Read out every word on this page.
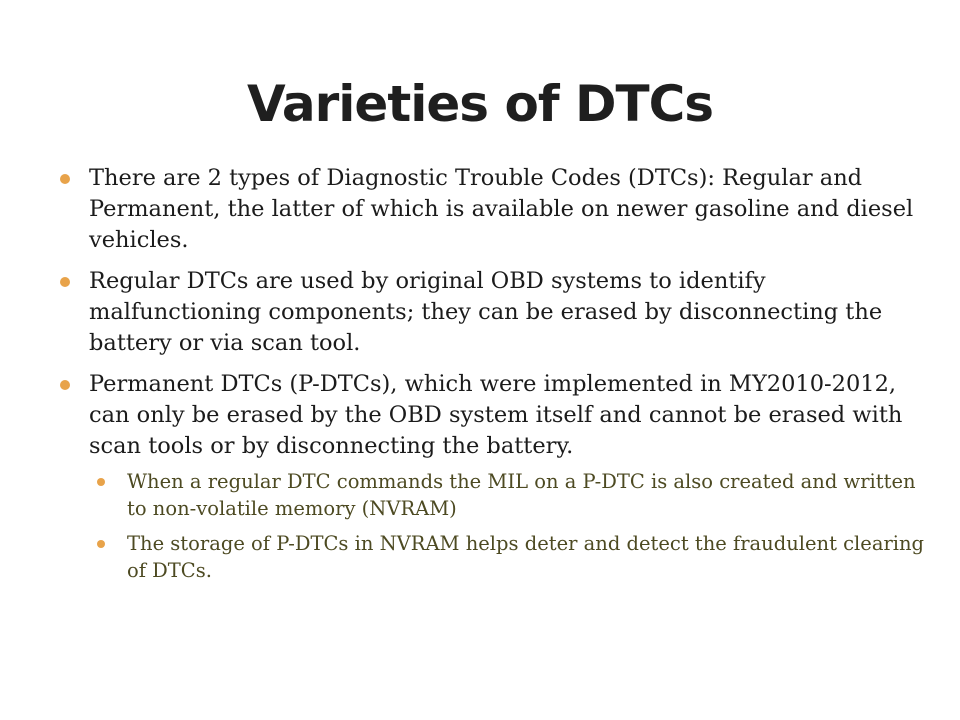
Varieties of DTCs
There are 2 types of Diagnostic Trouble Codes (DTCs): Regular and Permanent, the latter of which is available on newer gasoline and diesel vehicles.
Regular DTCs are used by original OBD systems to identify malfunctioning components; they can be erased by disconnecting the battery or via scan tool.
Permanent DTCs (P-DTCs), which were implemented in MY2010-2012, can only be erased by the OBD system itself and cannot be erased with scan tools or by disconnecting the battery.
When a regular DTC commands the MIL on a P-DTC is also created and written to non-volatile memory (NVRAM)
The storage of P-DTCs in NVRAM helps deter and detect the fraudulent clearing of DTCs.
